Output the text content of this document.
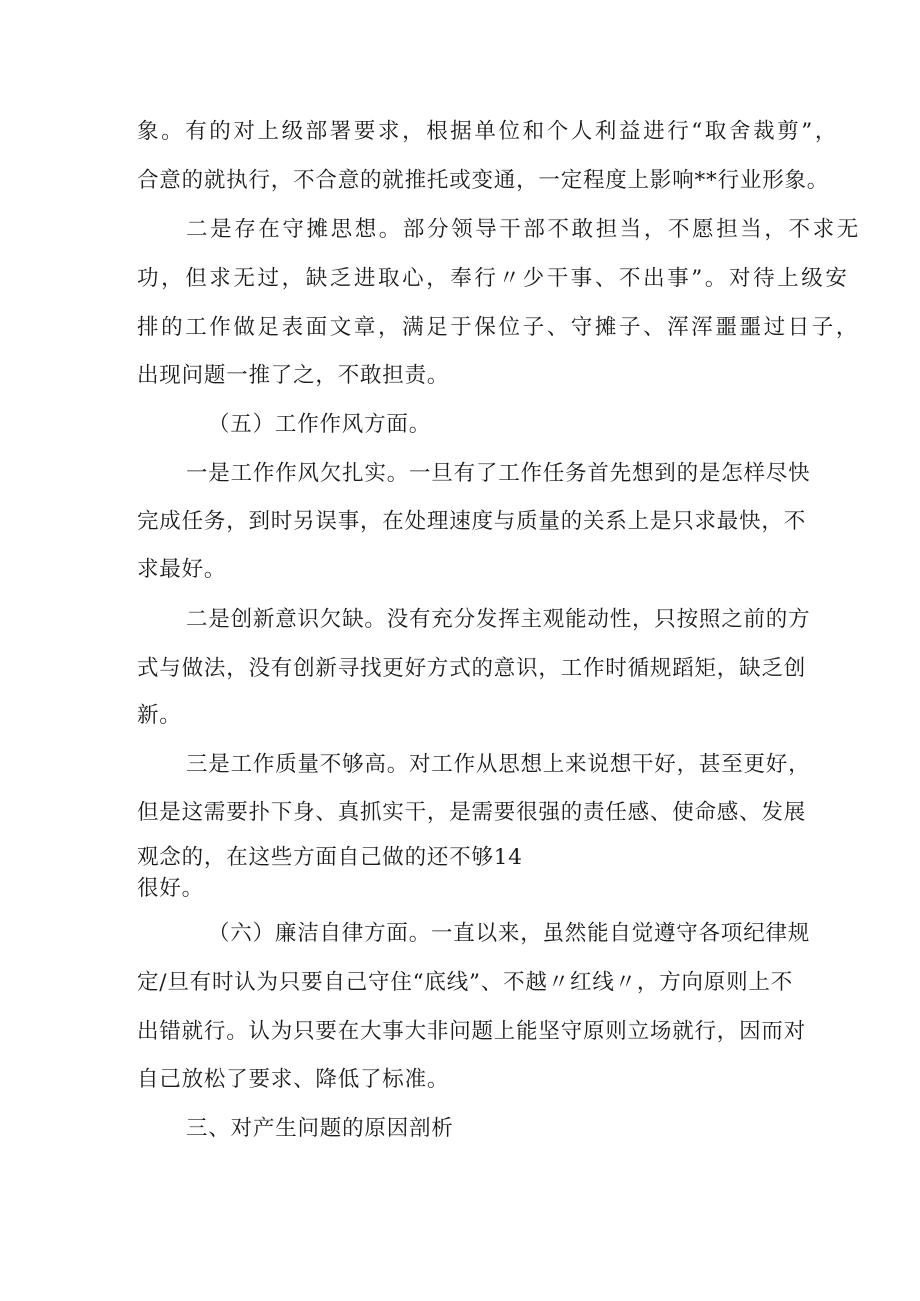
象。有的对上级部署要求，根据单位和个人利益进行“取舍裁剪”，
合意的就执行，不合意的就推托或变通，一定程度上影响**行业形象。
二是存在守摊思想。部分领导干部不敢担当，不愿担当，不求无
功，但求无过，缺乏进取心，奉行〃少干事、不出事”。对待上级安
排的工作做足表面文章，满足于保位子、守摊子、浑浑噩噩过日子，
出现问题一推了之，不敢担责。
（五）工作作风方面。
一是工作作风欠扎实。一旦有了工作任务首先想到的是怎样尽快
完成任务，到时另误事，在处理速度与质量的关系上是只求最快，不
求最好。
二是创新意识欠缺。没有充分发挥主观能动性，只按照之前的方
式与做法，没有创新寻找更好方式的意识，工作时循规蹈矩，缺乏创
新。
三是工作质量不够高。对工作从思想上来说想干好，甚至更好，
但是这需要扑下身、真抓实干，是需要很强的责任感、使命感、发展
观念的，在这些方面自己做的还不够14
很好。
（六）廉洁自律方面。一直以来，虽然能自觉遵守各项纪律规
定/旦有时认为只要自己守住“底线”、不越〃红线〃，方向原则上不
出错就行。认为只要在大事大非问题上能坚守原则立场就行，因而对
自己放松了要求、降低了标准。
三、对产生问题的原因剖析
